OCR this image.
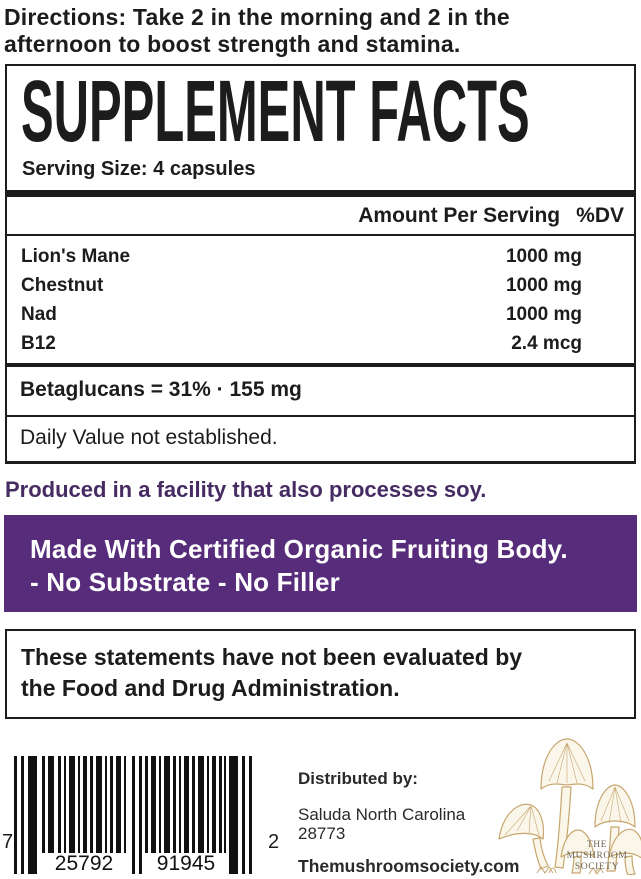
Directions: Take 2 in the morning and 2 in the
afternoon to boost strength and stamina.
SUPPLEMENT FACTS
Serving Size: 4 capsules
Amount Per Serving %DV
Lion's Mane	1000 mg
Chestnut	1000 mg
Nad	1000 mg
B12	2.4 mcg
Betaglucans = 31% · 155 mg
Daily Value not established.
Produced in a facility that also processes soy.
Made With Certified Organic Fruiting Body.
- No Substrate - No Filler
These statements have not been evaluated by
the Food and Drug Administration.
7
25792 91945
2
Distributed by:
Saluda North Carolina
28773
Themushroomsociety.com
THE
MUSHROOM
SOCIETY
